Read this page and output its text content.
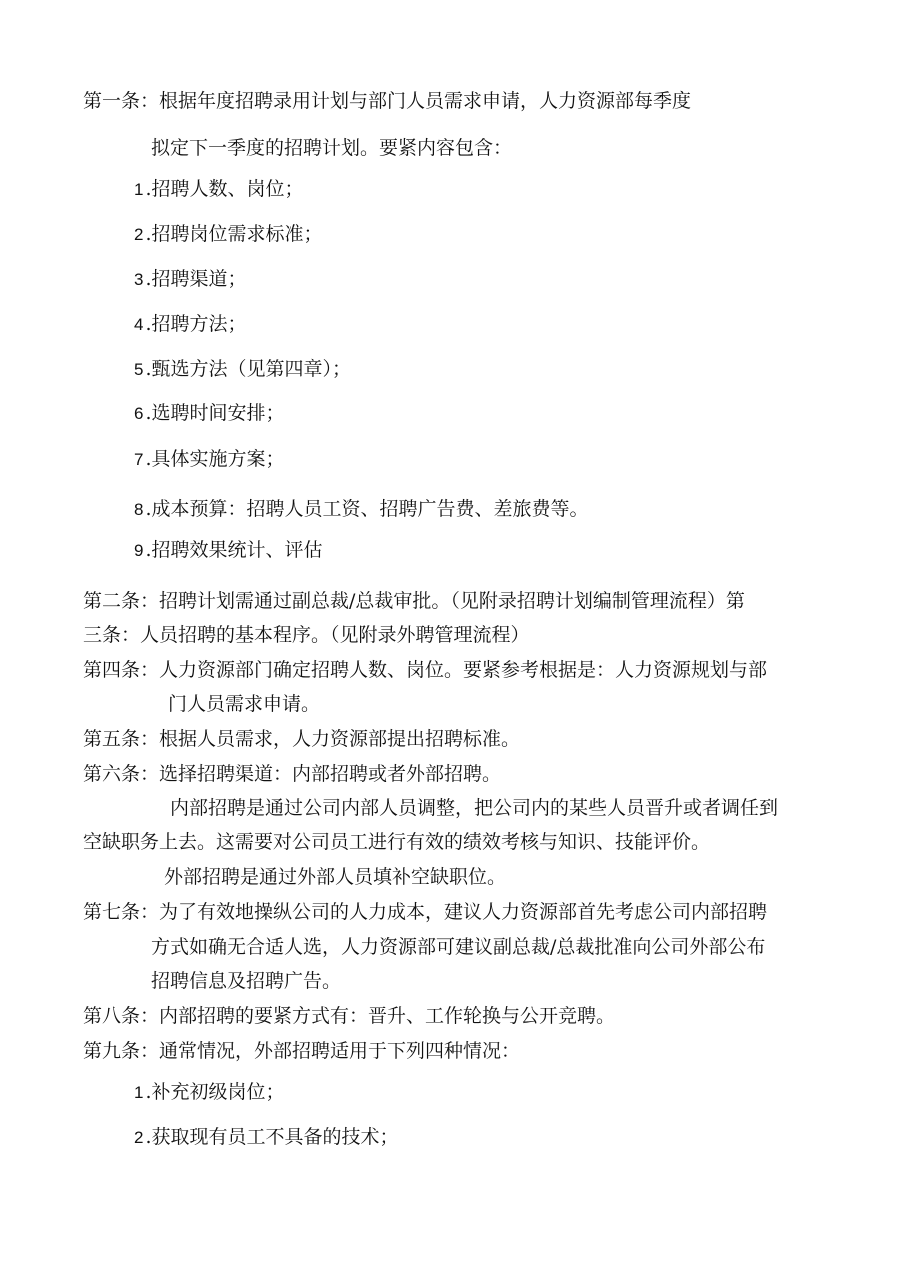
第一条：根据年度招聘录用计划与部门人员需求申请，人力资源部每季度
拟定下一季度的招聘计划。要紧内容包含：
1 .招聘人数、岗位；
2 .招聘岗位需求标准；
3 .招聘渠道；
4 .招聘方法；
5 .甄选方法（见第四章）；
6 .选聘时间安排；
7 .具体实施方案；
8 .成本预算：招聘人员工资、招聘广告费、差旅费等。
9 .招聘效果统计、评估
第二条：招聘计划需通过副总裁/总裁审批。（见附录招聘计划编制管理流程）第
三条：人员招聘的基本程序。（见附录外聘管理流程）
第四条：人力资源部门确定招聘人数、岗位。要紧参考根据是：人力资源规划与部
门人员需求申请。
第五条：根据人员需求，人力资源部提出招聘标准。
第六条：选择招聘渠道：内部招聘或者外部招聘。
内部招聘是通过公司内部人员调整，把公司内的某些人员晋升或者调任到
空缺职务上去。这需要对公司员工进行有效的绩效考核与知识、技能评价。
外部招聘是通过外部人员填补空缺职位。
第七条：为了有效地操纵公司的人力成本，建议人力资源部首先考虑公司内部招聘
方式如确无合适人选，人力资源部可建议副总裁/总裁批准向公司外部公布
招聘信息及招聘广告。
第八条：内部招聘的要紧方式有：晋升、工作轮换与公开竞聘。
第九条：通常情况，外部招聘适用于下列四种情况：
1 .补充初级岗位；
2 .获取现有员工不具备的技术；
